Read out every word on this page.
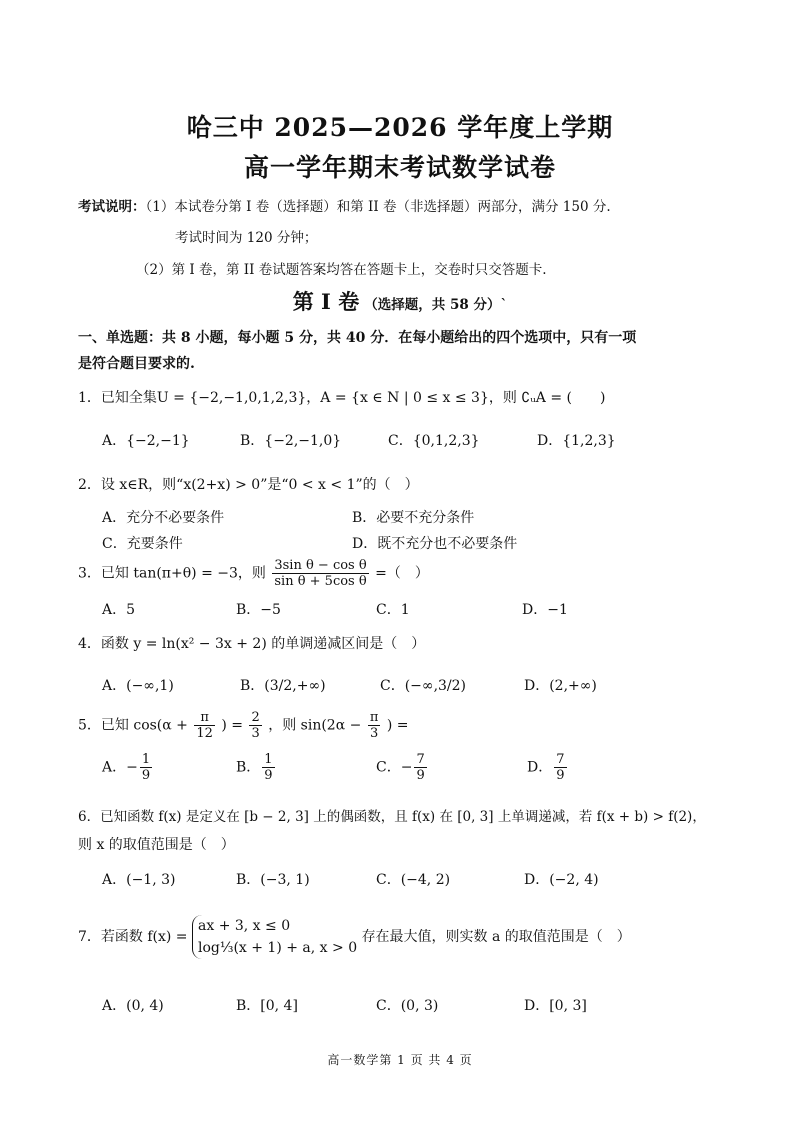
哈三中 2025—2026 学年度上学期
高一学年期末考试数学试卷
考试说明：（1）本试卷分第 I 卷（选择题）和第 II 卷（非选择题）两部分，满分 150 分.
考试时间为 120 分钟；
（2）第 I 卷，第 II 卷试题答案均答在答题卡上，交卷时只交答题卡.
第 I 卷 （选择题，共 58 分）`
一、单选题：共 8 小题，每小题 5 分，共 40 分．在每小题给出的四个选项中，只有一项
是符合题目要求的.
1．已知全集U = {−2,−1,0,1,2,3}，A = {x ∈ N | 0 ≤ x ≤ 3}，则 ∁ᵤA = (　　)
A．{−2,−1}	B．{−2,−1,0}	C．{0,1,2,3}	D．{1,2,3}
2．设 x∈R，则“x(2+x) > 0”是“0 < x < 1”的（　）
A．充分不必要条件	B．必要不充分条件
C．充要条件	D．既不充分也不必要条件
3．已知 tan(π+θ) = −3，则 $\frac{\text{3sin θ − cos θ}}{\text{sin θ + 5cos θ}}$ =（　）
A．5	B．−5	C．1	D．−1
4．函数 y = ln(x² − 3x + 2) 的单调递减区间是（　）
A．(−∞,1)	B．(3/2,+∞)	C．(−∞,3/2)	D．(2,+∞)
5．已知 $\cos(\alpha + \frac{\pi}{12}$ ) = $\frac{2}{3}$ ，则 $\sin(2\alpha - \frac{\pi}{3}$ ) =
A．− $\frac{1}{9}$	B． $\frac{1}{9}$	C．− $\frac{7}{9}$	D． $\frac{7}{9}$
6．已知函数 f(x) 是定义在 [b − 2, 3] 上的偶函数，且 f(x) 在 [0, 3] 上单调递减，若 f(x + b) > f(2)，
则 x 的取值范围是（　）
A．(−1, 3)	B．(−3, 1)	C．(−4, 2)	D．(−2, 4)
7．若函数 f(x) =
ax + 3, x ≤ 0
log⅓(x + 1) + a, x > 0
存在最大值，则实数 a 的取值范围是（　）
A．(0, 4)	B．[0, 4]	C．(0, 3)	D．[0, 3]
高一数学第 1 页 共 4 页
